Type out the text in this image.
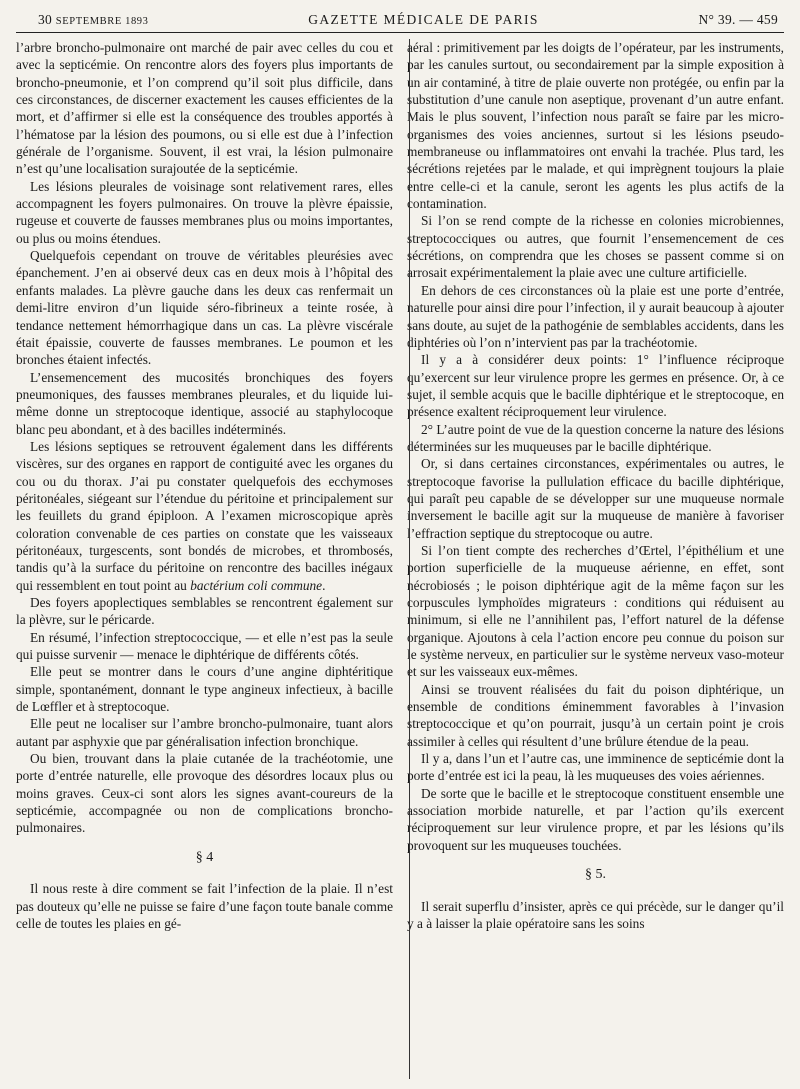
30 SEPTEMBRE 1893	GAZETTE MÉDICALE DE PARIS	N° 39. — 459

l’arbre broncho-pulmonaire ont marché de pair avec celles du cou et avec la septicémie. On rencontre alors des foyers plus importants de broncho-pneumonie, et l’on comprend qu’il soit plus difficile, dans ces circonstances, de discerner exactement les causes efficientes de la mort, et d’affirmer si elle est la conséquence des troubles apportés à l’hématose par la lésion des poumons, ou si elle est due à l’infection générale de l’organisme. Souvent, il est vrai, la lésion pulmonaire n’est qu’une localisation surajoutée de la septicémie.

Les lésions pleurales de voisinage sont relativement rares, elles accompagnent les foyers pulmonaires. On trouve la plèvre épaissie, rugeuse et couverte de fausses membranes plus ou moins importantes, ou plus ou moins étendues.

Quelquefois cependant on trouve de véritables pleurésies avec épanchement. J’en ai observé deux cas en deux mois à l’hôpital des enfants malades. La plèvre gauche dans les deux cas renfermait un demi-litre environ d’un liquide séro-fibrineux a teinte rosée, à tendance nettement hémorrhagique dans un cas. La plèvre viscérale était épaissie, couverte de fausses membranes. Le poumon et les bronches étaient infectés.

L’ensemencement des mucosités bronchiques des foyers pneumoniques, des fausses membranes pleurales, et du liquide lui-même donne un streptocoque identique, associé au staphylocoque blanc peu abondant, et à des bacilles indéterminés.

Les lésions septiques se retrouvent également dans les différents viscères, sur des organes en rapport de contiguité avec les organes du cou ou du thorax. J’ai pu constater quelquefois des ecchymoses péritonéales, siégeant sur l’étendue du péritoine et principalement sur les feuillets du grand épiploon. A l’examen microscopique après coloration convenable de ces parties on constate que les vaisseaux péritonéaux, turgescents, sont bondés de microbes, et thrombosés, tandis qu’à la surface du péritoine on rencontre des bacilles inégaux qui ressemblent en tout point au bactérium coli commune.

Des foyers apoplectiques semblables se rencontrent également sur la plèvre, sur le péricarde.

En résumé, l’infection streptococcique, — et elle n’est pas la seule qui puisse survenir — menace le diphtérique de différents côtés.

Elle peut se montrer dans le cours d’une angine diphtéritique simple, spontanément, donnant le type angineux infectieux, à bacille de Lœffler et à streptocoque.

Elle peut ne localiser sur l’ambre broncho-pulmonaire, tuant alors autant par asphyxie que par généralisation infection bronchique.

Ou bien, trouvant dans la plaie cutanée de la trachéotomie, une porte d’entrée naturelle, elle provoque des désordres locaux plus ou moins graves. Ceux-ci sont alors les signes avant-coureurs de la septicémie, accompagnée ou non de complications broncho-pulmonaires.

§ 4

Il nous reste à dire comment se fait l’infection de la plaie. Il n’est pas douteux qu’elle ne puisse se faire d’une façon toute banale comme celle de toutes les plaies en gé-

aéral : primitivement par les doigts de l’opérateur, par les instruments, par les canules surtout, ou secondairement par la simple exposition à un air contaminé, à titre de plaie ouverte non protégée, ou enfin par la substitution d’une canule non aseptique, provenant d’un autre enfant. Mais le plus souvent, l’infection nous paraît se faire par les micro-organismes des voies anciennes, surtout si les lésions pseudo-membraneuse ou inflammatoires ont envahi la trachée. Plus tard, les sécrétions rejetées par le malade, et qui imprègnent toujours la plaie entre celle-ci et la canule, seront les agents les plus actifs de la contamination.

Si l’on se rend compte de la richesse en colonies microbiennes, streptococciques ou autres, que fournit l’ensemencement de ces sécrétions, on comprendra que les choses se passent comme si on arrosait expérimentalement la plaie avec une culture artificielle.

En dehors de ces circonstances où la plaie est une porte d’entrée, naturelle pour ainsi dire pour l’infection, il y aurait beaucoup à ajouter sans doute, au sujet de la pathogénie de semblables accidents, dans les diphtéries où l’on n’intervient pas par la trachéotomie.

Il y a à considérer deux points: 1° l’influence réciproque qu’exercent sur leur virulence propre les germes en présence. Or, à ce sujet, il semble acquis que le bacille diphtérique et le streptocoque, en présence exaltent réciproquement leur virulence.

2° L’autre point de vue de la question concerne la nature des lésions déterminées sur les muqueuses par le bacille diphtérique.

Or, si dans certaines circonstances, expérimentales ou autres, le streptocoque favorise la pullulation efficace du bacille diphtérique, qui paraît peu capable de se développer sur une muqueuse normale inversement le bacille agit sur la muqueuse de manière à favoriser l’effraction septique du streptocoque ou autre.

Si l’on tient compte des recherches d’Œrtel, l’épithélium et une portion superficielle de la muqueuse aérienne, en effet, sont nécrobiosés ; le poison diphtérique agit de la même façon sur les corpuscules lymphoïdes migrateurs : conditions qui réduisent au minimum, si elle ne l’annihilent pas, l’effort naturel de la défense organique. Ajoutons à cela l’action encore peu connue du poison sur le système nerveux, en particulier sur le système nerveux vaso-moteur et sur les vaisseaux eux-mêmes.

Ainsi se trouvent réalisées du fait du poison diphtérique, un ensemble de conditions éminemment favorables à l’invasion streptococcique et qu’on pourrait, jusqu’à un certain point je crois assimiler à celles qui résultent d’une brûlure étendue de la peau.

Il y a, dans l’un et l’autre cas, une imminence de septicémie dont la porte d’entrée est ici la peau, là les muqueuses des voies aériennes.

De sorte que le bacille et le streptocoque constituent ensemble une association morbide naturelle, et par l’action qu’ils exercent réciproquement sur leur virulence propre, et par les lésions qu’ils provoquent sur les muqueuses touchées.

§ 5.

Il serait superflu d’insister, après ce qui précède, sur le danger qu’il y a à laisser la plaie opératoire sans les soins
